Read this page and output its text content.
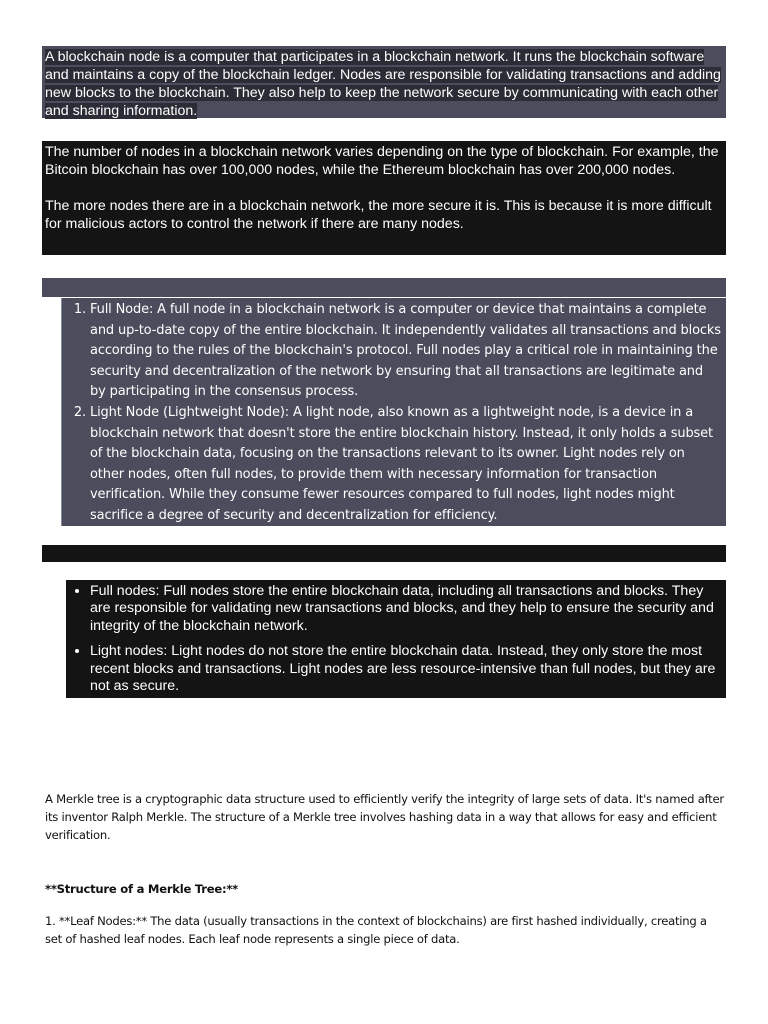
A blockchain node is a computer that participates in a blockchain network. It runs the blockchain software and maintains a copy of the blockchain ledger. Nodes are responsible for validating transactions and adding new blocks to the blockchain. They also help to keep the network secure by communicating with each other and sharing information.

The number of nodes in a blockchain network varies depending on the type of blockchain. For example, the Bitcoin blockchain has over 100,000 nodes, while the Ethereum blockchain has over 200,000 nodes.

The more nodes there are in a blockchain network, the more secure it is. This is because it is more difficult for malicious actors to control the network if there are many nodes.

1. Full Node: A full node in a blockchain network is a computer or device that maintains a complete and up-to-date copy of the entire blockchain. It independently validates all transactions and blocks according to the rules of the blockchain's protocol. Full nodes play a critical role in maintaining the security and decentralization of the network by ensuring that all transactions are legitimate and by participating in the consensus process.
2. Light Node (Lightweight Node): A light node, also known as a lightweight node, is a device in a blockchain network that doesn't store the entire blockchain history. Instead, it only holds a subset of the blockchain data, focusing on the transactions relevant to its owner. Light nodes rely on other nodes, often full nodes, to provide them with necessary information for transaction verification. While they consume fewer resources compared to full nodes, light nodes might sacrifice a degree of security and decentralization for efficiency.
• Full nodes: Full nodes store the entire blockchain data, including all transactions and blocks. They are responsible for validating new transactions and blocks, and they help to ensure the security and integrity of the blockchain network.
• Light nodes: Light nodes do not store the entire blockchain data. Instead, they only store the most recent blocks and transactions. Light nodes are less resource-intensive than full nodes, but they are not as secure.

A Merkle tree is a cryptographic data structure used to efficiently verify the integrity of large sets of data. It's named after its inventor Ralph Merkle. The structure of a Merkle tree involves hashing data in a way that allows for easy and efficient verification.

**Structure of a Merkle Tree:**

1. **Leaf Nodes:** The data (usually transactions in the context of blockchains) are first hashed individually, creating a set of hashed leaf nodes. Each leaf node represents a single piece of data.
